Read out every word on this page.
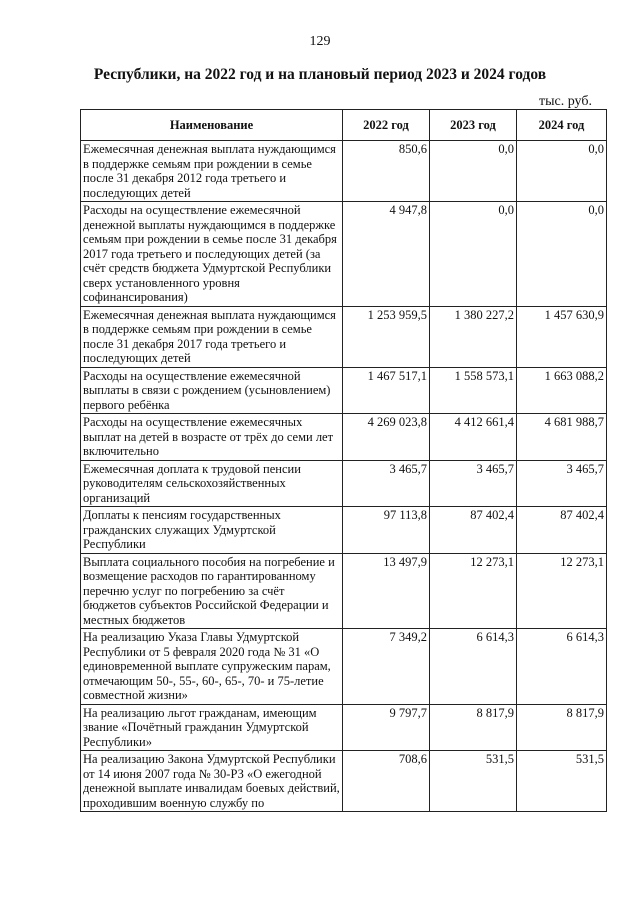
129
Республики, на 2022 год и на плановый период 2023 и 2024 годов
тыс. руб.
Наименование	2022 год	2023 год	2024 год
Ежемесячная денежная выплата нуждающимся в поддержке семьям при рождении в семье после 31 декабря 2012 года третьего и последующих детей	850,6	0,0	0,0
Расходы на осуществление ежемесячной денежной выплаты нуждающимся в поддержке семьям при рождении в семье после 31 декабря 2017 года третьего и последующих детей (за счёт средств бюджета Удмуртской Республики сверх установленного уровня софинансирования)	4 947,8	0,0	0,0
Ежемесячная денежная выплата нуждающимся в поддержке семьям при рождении в семье после 31 декабря 2017 года третьего и последующих детей	1 253 959,5	1 380 227,2	1 457 630,9
Расходы на осуществление ежемесячной выплаты в связи с рождением (усыновлением) первого ребёнка	1 467 517,1	1 558 573,1	1 663 088,2
Расходы на осуществление ежемесячных выплат на детей в возрасте от трёх до семи лет включительно	4 269 023,8	4 412 661,4	4 681 988,7
Ежемесячная доплата к трудовой пенсии руководителям сельскохозяйственных организаций	3 465,7	3 465,7	3 465,7
Доплаты к пенсиям государственных гражданских служащих Удмуртской Республики	97 113,8	87 402,4	87 402,4
Выплата социального пособия на погребение и возмещение расходов по гарантированному перечню услуг по погребению за счёт бюджетов субъектов Российской Федерации и местных бюджетов	13 497,9	12 273,1	12 273,1
На реализацию Указа Главы Удмуртской Республики от 5 февраля 2020 года № 31 «О единовременной выплате супружеским парам, отмечающим 50-, 55-, 60-, 65-, 70- и 75-летие совместной жизни»	7 349,2	6 614,3	6 614,3
На реализацию льгот гражданам, имеющим звание «Почётный гражданин Удмуртской Республики»	9 797,7	8 817,9	8 817,9
На реализацию Закона Удмуртской Республики от 14 июня 2007 года № 30-РЗ «О ежегодной денежной выплате инвалидам боевых действий, проходившим военную службу по	708,6	531,5	531,5
